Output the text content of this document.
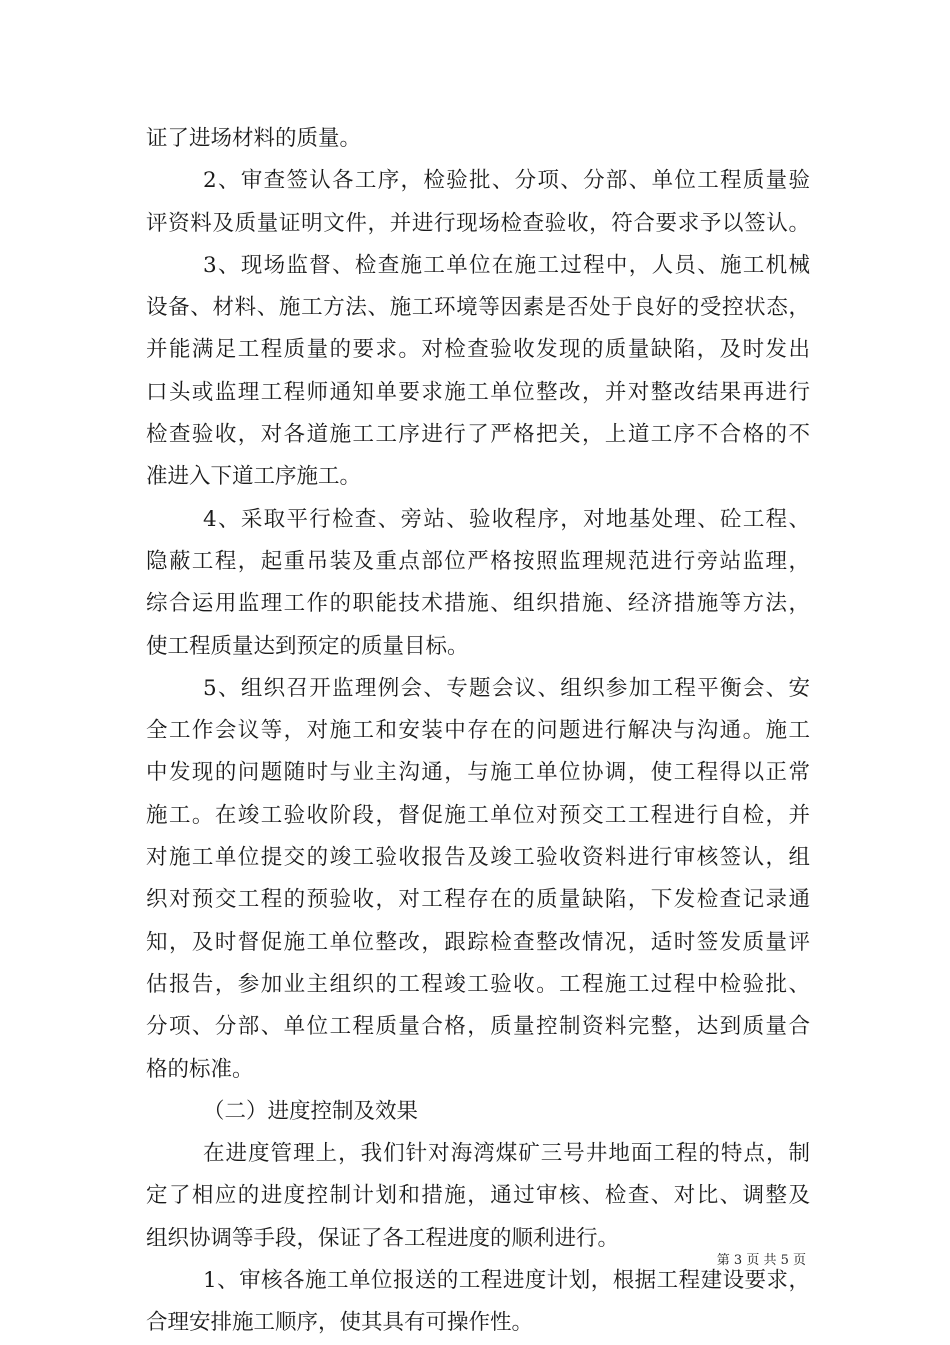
证了进场材料的质量。
2、审查签认各工序，检验批、分项、分部、单位工程质量验
评资料及质量证明文件，并进行现场检查验收，符合要求予以签认。
3、现场监督、检查施工单位在施工过程中，人员、施工机械
设备、材料、施工方法、施工环境等因素是否处于良好的受控状态，
并能满足工程质量的要求。对检查验收发现的质量缺陷，及时发出
口头或监理工程师通知单要求施工单位整改，并对整改结果再进行
检查验收，对各道施工工序进行了严格把关，上道工序不合格的不
准进入下道工序施工。
4、采取平行检查、旁站、验收程序，对地基处理、砼工程、
隐蔽工程，起重吊装及重点部位严格按照监理规范进行旁站监理，
综合运用监理工作的职能技术措施、组织措施、经济措施等方法，
使工程质量达到预定的质量目标。
5、组织召开监理例会、专题会议、组织参加工程平衡会、安
全工作会议等，对施工和安装中存在的问题进行解决与沟通。施工
中发现的问题随时与业主沟通，与施工单位协调，使工程得以正常
施工。在竣工验收阶段，督促施工单位对预交工工程进行自检，并
对施工单位提交的竣工验收报告及竣工验收资料进行审核签认，组
织对预交工程的预验收，对工程存在的质量缺陷，下发检查记录通
知，及时督促施工单位整改，跟踪检查整改情况，适时签发质量评
估报告，参加业主组织的工程竣工验收。工程施工过程中检验批、
分项、分部、单位工程质量合格，质量控制资料完整，达到质量合
格的标准。
（二）进度控制及效果
在进度管理上，我们针对海湾煤矿三号井地面工程的特点，制
定了相应的进度控制计划和措施，通过审核、检查、对比、调整及
组织协调等手段，保证了各工程进度的顺利进行。
1、审核各施工单位报送的工程进度计划，根据工程建设要求，
合理安排施工顺序，使其具有可操作性。
第 3 页 共 5 页
